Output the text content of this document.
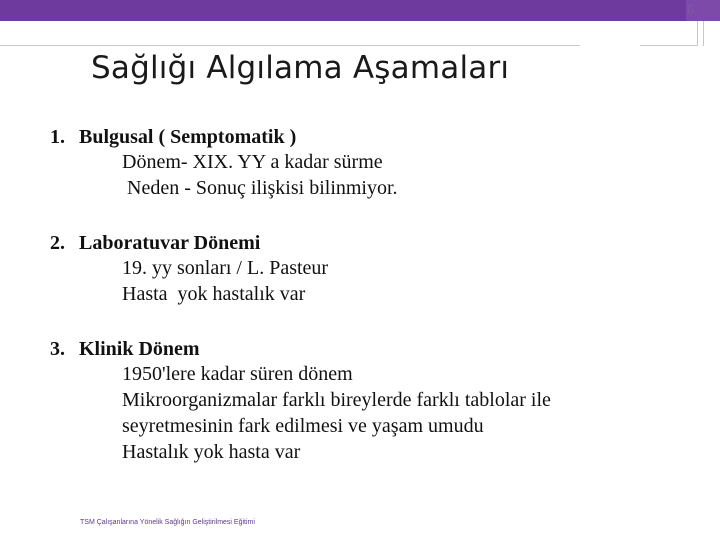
6
Sağlığı Algılama Aşamaları
1. Bulgusal ( Semptomatik )
Dönem- XIX. YY a kadar sürme
Neden - Sonuç ilişkisi bilinmiyor.
2. Laboratuvar Dönemi
19. yy sonları / L. Pasteur
Hasta  yok hastalık var
3. Klinik Dönem
1950'lere kadar süren dönem
Mikroorganizmalar farklı bireylerde farklı tablolar ile
seyretmesinin fark edilmesi ve yaşam umudu
Hastalık yok hasta var
TSM Çalışanlarına Yönelik Sağlığın Geliştirilmesi Eğitimi
